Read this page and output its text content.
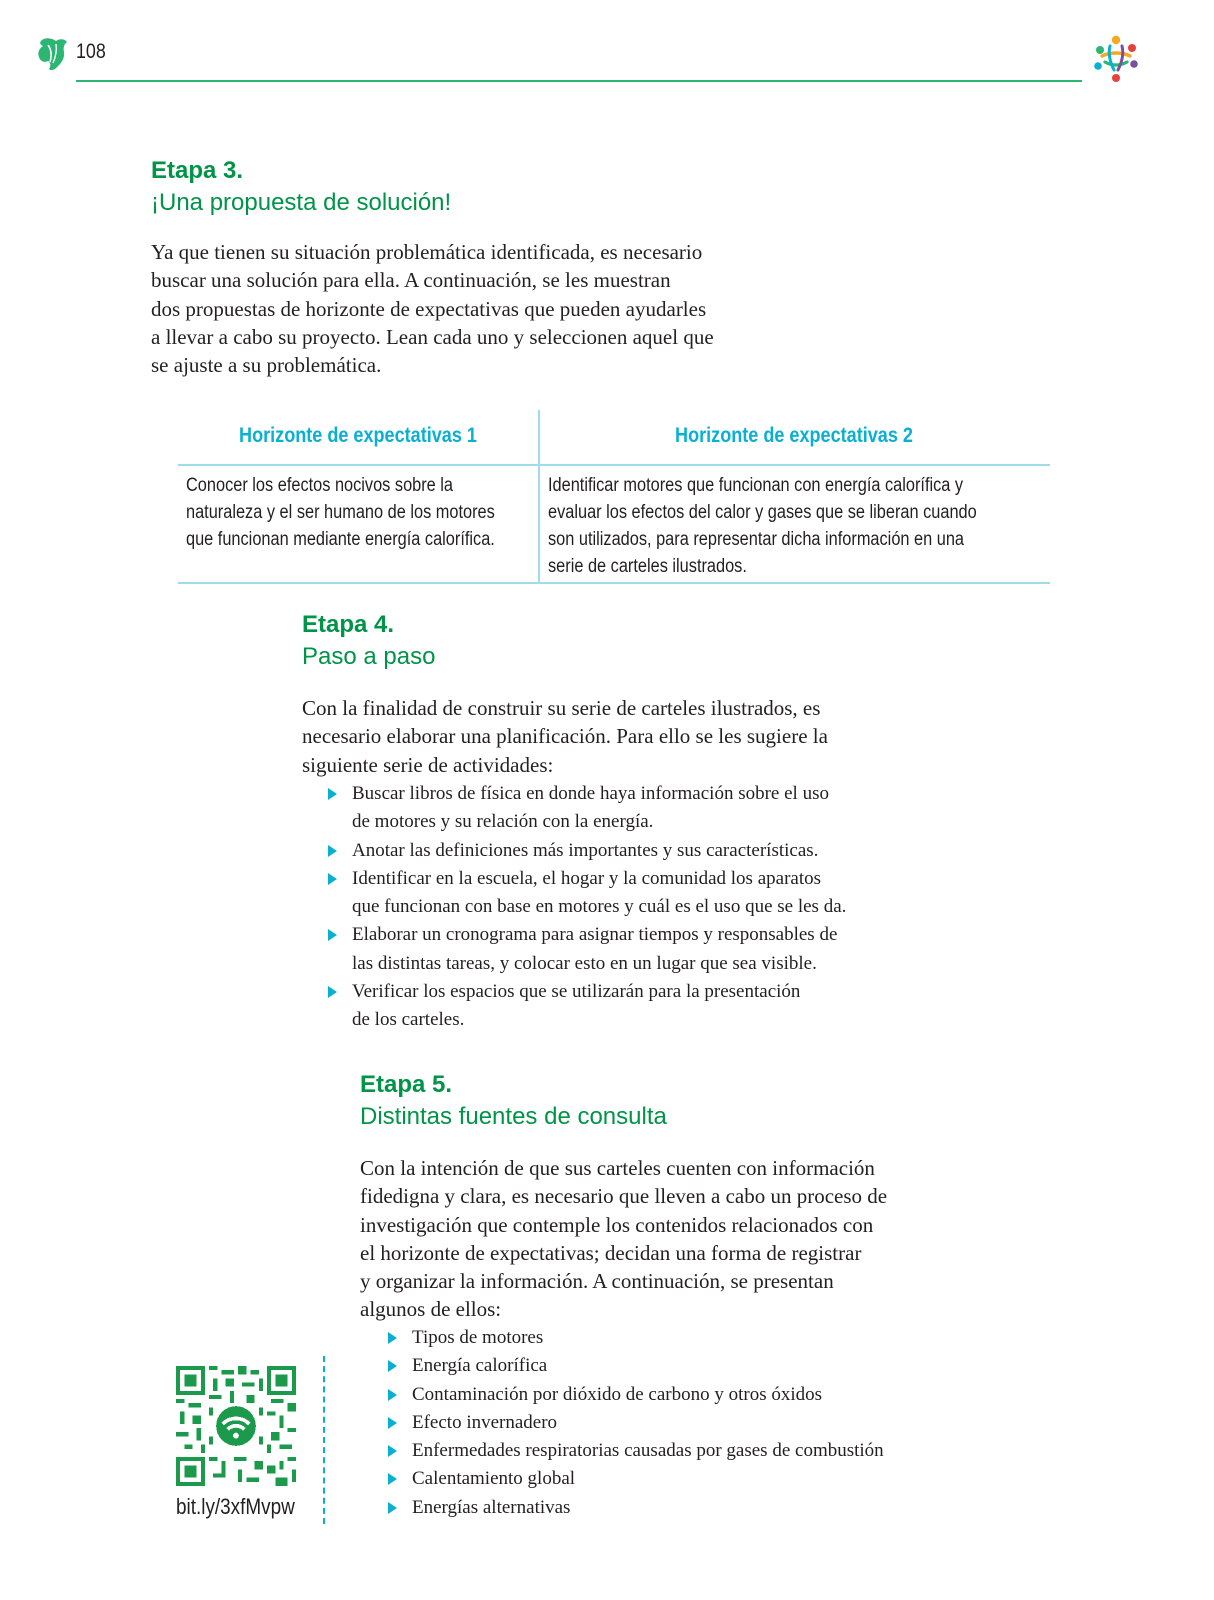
108
Etapa 3.
¡Una propuesta de solución!

Ya que tienen su situación problemática identificada, es necesario
buscar una solución para ella. A continuación, se les muestran
dos propuestas de horizonte de expectativas que pueden ayudarles
a llevar a cabo su proyecto. Lean cada uno y seleccionen aquel que
se ajuste a su problemática.

Horizonte de expectativas 1	Horizonte de expectativas 2
Conocer los efectos nocivos sobre la
naturaleza y el ser humano de los motores
que funcionan mediante energía calorífica.
Identificar motores que funcionan con energía calorífica y
evaluar los efectos del calor y gases que se liberan cuando
son utilizados, para representar dicha información en una
serie de carteles ilustrados.
Etapa 4.
Paso a paso

Con la finalidad de construir su serie de carteles ilustrados, es
necesario elaborar una planificación. Para ello se les sugiere la
siguiente serie de actividades:

Buscar libros de física en donde haya información sobre el uso
de motores y su relación con la energía.
Anotar las definiciones más importantes y sus características.
Identificar en la escuela, el hogar y la comunidad los aparatos
que funcionan con base en motores y cuál es el uso que se les da.
Elaborar un cronograma para asignar tiempos y responsables de
las distintas tareas, y colocar esto en un lugar que sea visible.
Verificar los espacios que se utilizarán para la presentación
de los carteles.
Etapa 5.
Distintas fuentes de consulta

Con la intención de que sus carteles cuenten con información
fidedigna y clara, es necesario que lleven a cabo un proceso de
investigación que contemple los contenidos relacionados con
el horizonte de expectativas; decidan una forma de registrar
y organizar la información. A continuación, se presentan
algunos de ellos:

Tipos de motores
Energía calorífica
Contaminación por dióxido de carbono y otros óxidos
Efecto invernadero
Enfermedades respiratorias causadas por gases de combustión
Calentamiento global
Energías alternativas
bit.ly/3xfMvpw
